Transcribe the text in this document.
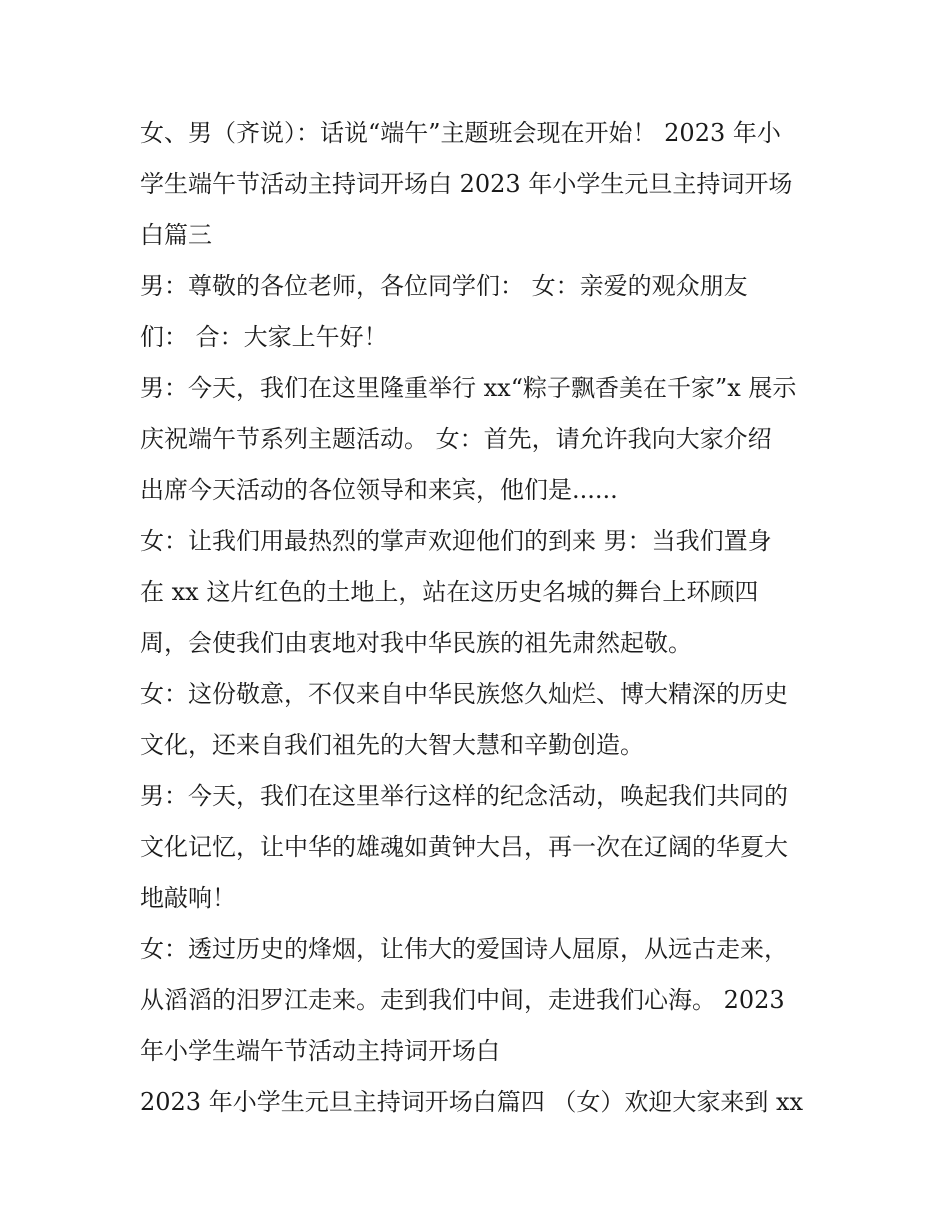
女、男（齐说）：话说“端午”主题班会现在开始！ 2023 年小
学生端午节活动主持词开场白 2023 年小学生元旦主持词开场
白篇三
男：尊敬的各位老师，各位同学们： 女：亲爱的观众朋友
们： 合：大家上午好！
男：今天，我们在这里隆重举行 xx“粽子飘香美在千家”x 展示
庆祝端午节系列主题活动。 女：首先，请允许我向大家介绍
出席今天活动的各位领导和来宾，他们是......
女：让我们用最热烈的掌声欢迎他们的到来 男：当我们置身
在 xx 这片红色的土地上，站在这历史名城的舞台上环顾四
周，会使我们由衷地对我中华民族的祖先肃然起敬。
女：这份敬意，不仅来自中华民族悠久灿烂、博大精深的历史
文化，还来自我们祖先的大智大慧和辛勤创造。
男：今天，我们在这里举行这样的纪念活动，唤起我们共同的
文化记忆，让中华的雄魂如黄钟大吕，再一次在辽阔的华夏大
地敲响！
女：透过历史的烽烟，让伟大的爱国诗人屈原，从远古走来，
从滔滔的汨罗江走来。走到我们中间，走进我们心海。 2023
年小学生端午节活动主持词开场白
2023 年小学生元旦主持词开场白篇四 （女）欢迎大家来到 xx
